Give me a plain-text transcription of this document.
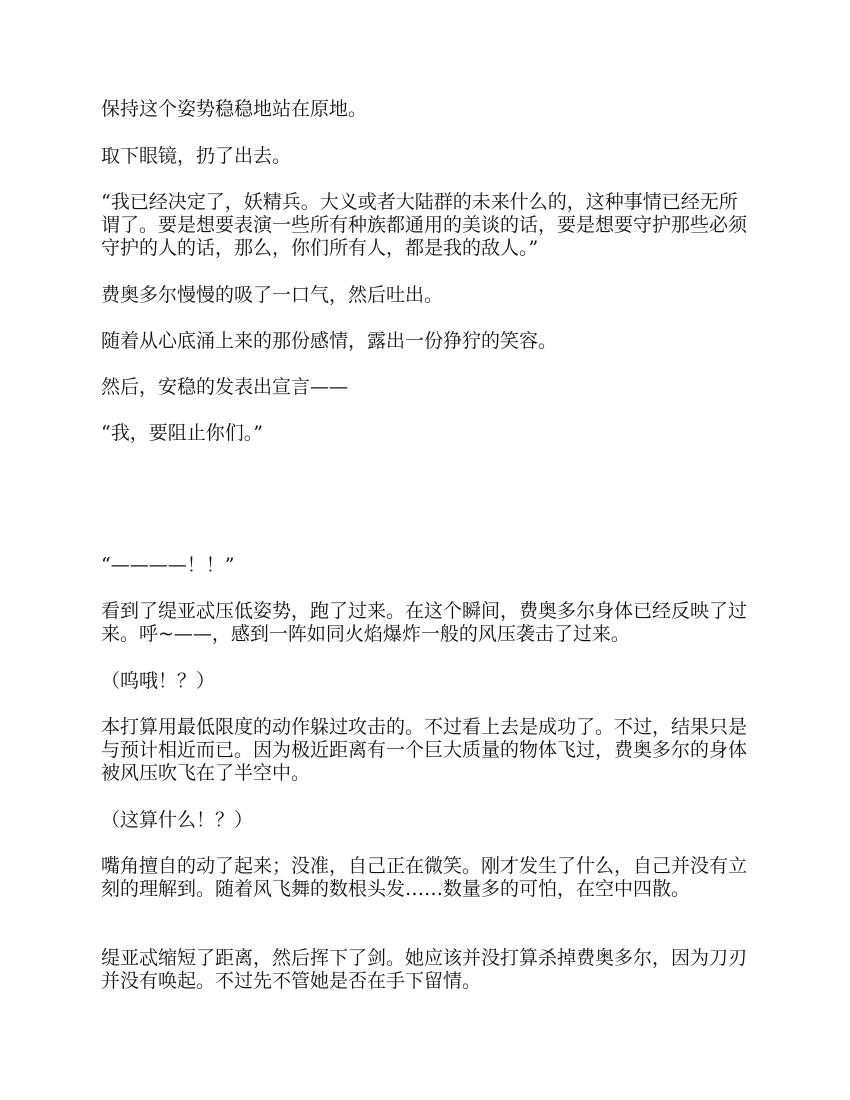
保持这个姿势稳稳地站在原地。

取下眼镜，扔了出去。

“我已经决定了，妖精兵。大义或者大陆群的未来什么的，这种事情已经无所谓了。要是想要表演一些所有种族都通用的美谈的话，要是想要守护那些必须守护的人的话，那么，你们所有人，都是我的敌人。”

费奥多尔慢慢的吸了一口气，然后吐出。

随着从心底涌上来的那份感情，露出一份狰狞的笑容。

然后，安稳的发表出宣言——

“我，要阻止你们。”

“————！！”

看到了缇亚忒压低姿势，跑了过来。在这个瞬间，费奥多尔身体已经反映了过来。呼~——，感到一阵如同火焰爆炸一般的风压袭击了过来。

（呜哦！？）

本打算用最低限度的动作躲过攻击的。不过看上去是成功了。不过，结果只是与预计相近而已。因为极近距离有一个巨大质量的物体飞过，费奥多尔的身体被风压吹飞在了半空中。

（这算什么！？）

嘴角擅自的动了起来；没准，自己正在微笑。刚才发生了什么，自己并没有立刻的理解到。随着风飞舞的数根头发……数量多的可怕，在空中四散。

缇亚忒缩短了距离，然后挥下了剑。她应该并没打算杀掉费奥多尔，因为刀刃并没有唤起。不过先不管她是否在手下留情。
